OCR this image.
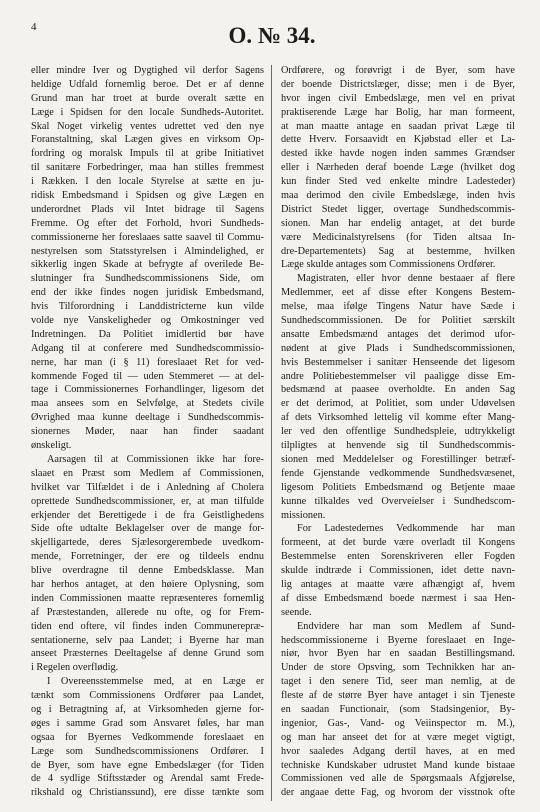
4	O. № 34.
eller mindre Iver og Dygtighed vil derfor Sagens
heldige Udfald fornemlig beroe. Det er af denne
Grund man har troet at burde overalt sætte en
Læge i Spidsen for den locale Sundheds-Autoritet.
Skal Noget virkelig ventes udrettet ved den nye
Foranstaltning, skal Lægen gives en virksom Op-
fordring og moralsk Impuls til at gribe Initiativet
til sanitære Forbedringer, maa han stilles fremmest
i Rækken. I den locale Styrelse at sætte en ju-
ridisk Embedsmand i Spidsen og give Lægen en
underordnet Plads vil Intet bidrage til Sagens
Fremme. Og efter det Forhold, hvori Sundheds-
commissionerne her foreslaaes satte saavel til Commu-
nestyrelsen som Statsstyrelsen i Almindelighed, er
sikkerlig ingen Skade at befrygte af overilede Be-
slutninger fra Sundhedscommissionens Side, om
end der ikke findes nogen juridisk Embedsmand,
hvis Tilforordning i Landdistricterne kun vilde
volde nye Vanskeligheder og Omkostninger ved
Indretningen. Da Politiet imidlertid bør have
Adgang til at conferere med Sundhedscommissio-
nerne, har man (i § 11) foreslaaet Ret for ved-
kommende Foged til — uden Stemmeret — at del-
tage i Commissionernes Forhandlinger, ligesom det
maa ansees som en Selvfølge, at Stedets civile
Øvrighed maa kunne deeltage i Sundhedscommis-
sionernes Møder, naar han finder saadant
ønskeligt.
Aarsagen til at Commissionen ikke har fore-
slaaet en Præst som Medlem af Commissionen,
hvilket var Tilfældet i de i Anledning af Cholera
oprettede Sundhedscommissioner, er, at man tilfulde
erkjender det Berettigede i de fra Geistlighedens
Side ofte udtalte Beklagelser over de mange for-
skjelligartede, deres Sjælesorgerembede uvedkom-
mende, Forretninger, der ere og tildeels endnu
blive overdragne til denne Embedsklasse. Man
har herhos antaget, at den høiere Oplysning, som
inden Commissionen maatte repræsenteres fornemlig
af Præstestanden, allerede nu ofte, og for Frem-
tiden end oftere, vil findes inden Communerepræ-
sentationerne, selv paa Landet; i Byerne har man
anseet Præsternes Deeltagelse af denne Grund som
i Regelen overflødig.
I Overeensstemmelse med, at en Læge er
tænkt som Commissionens Ordfører paa Landet,
og i Betragtning af, at Virksomheden gjerne for-
øges i samme Grad som Ansvaret føles, har man
ogsaa for Byernes Vedkommende foreslaaet en
Læge som Sundhedscommissionens Ordfører. I
de Byer, som have egne Embedslæger (for Tiden
de 4 sydlige Stiftsstæder og Arendal samt Frede-
rikshald og Christianssund), ere disse tænkte som
Ordførere, og forøvrigt i de Byer, som have
der boende Districtslæger, disse; men i de Byer,
hvor ingen civil Embedslæge, men vel en privat
praktiserende Læge har Bolig, har man formeent,
at man maatte antage en saadan privat Læge til
dette Hverv. Forsaavidt en Kjøbstad eller et La-
dested ikke havde nogen inden sammes Grændser
eller i Nærheden deraf boende Læge (hvilket dog
kun finder Sted ved enkelte mindre Ladesteder)
maa derimod den civile Embedslæge, inden hvis
District Stedet ligger, overtage Sundhedscommis-
sionen. Man har endelig antaget, at det burde
være Medicinalstyrelsens (for Tiden altsaa In-
dre-Departementets) Sag at bestemme, hvilken
Læge skulde antages som Commissionens Ordfører.
Magistraten, eller hvor denne bestaaer af flere
Medlemmer, eet af disse efter Kongens Bestem-
melse, maa ifølge Tingens Natur have Sæde i
Sundhedscommissionen. De for Politiet særskilt
ansatte Embedsmænd antages det derimod ufor-
nødent at give Plads i Sundhedscommissionen,
hvis Bestemmelser i sanitær Henseende det ligesom
andre Politiebestemmelser vil paaligge disse Em-
bedsmænd at paasee overholdte. En anden Sag
er det derimod, at Politiet, som under Udøvelsen
af dets Virksomhed lettelig vil komme efter Mang-
ler ved den offentlige Sundhedspleie, udtrykkeligt
tilpligtes at henvende sig til Sundhedscommis-
sionen med Meddelelser og Forestillinger betræf-
fende Gjenstande vedkommende Sundhedsvæsenet,
ligesom Politiets Embedsmænd og Betjente maae
kunne tilkaldes ved Overveielser i Sundhedscom-
missionen.
For Ladestedernes Vedkommende har man
formeent, at det burde være overladt til Kongens
Bestemmelse enten Sorenskriveren eller Fogden
skulde indtræde i Commissionen, idet dette navn-
lig antages at maatte være afhængigt af, hvem
af disse Embedsmænd boede nærmest i saa Hen-
seende.
Endvidere har man som Medlem af Sund-
hedscommissionerne i Byerne foreslaaet en Inge-
niør, hvor Byen har en saadan Bestillingsmand.
Under de store Opsving, som Technikken har an-
taget i den senere Tid, seer man nemlig, at de
fleste af de større Byer have antaget i sin Tjeneste
en saadan Functionair, (som Stadsingenior, By-
ingenior, Gas-, Vand- og Veiinspector m. M.),
og man har anseet det for at være meget vigtigt,
hvor saaledes Adgang dertil haves, at en med
techniske Kundskaber udrustet Mand kunde bistaae
Commissionen ved alle de Spørgsmaals Afgjørelse,
der angaae dette Fag, og hvorom der visstnok ofte
